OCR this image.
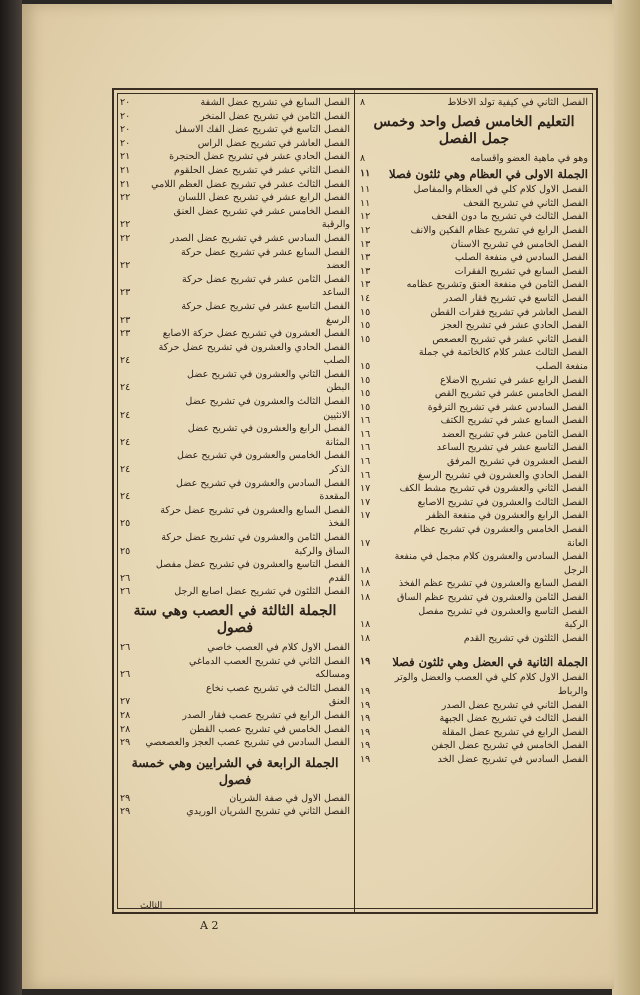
الفصل الثاني في كيفية تولد الاخلاط
٨
التعليم الخامس فصل واحد وخمس جمل الفصل
وهو في ماهية العضو واقسامه
٨
الجملة الاولى في العظام وهي ثلثون فصلا
١١
الفصل الاول كلام كلي في العظام والمفاصل
١١
الفصل الثاني في تشريح القحف
١١
الفصل الثالث في تشريح ما دون القحف
١٢
الفصل الرابع في تشريح عظام الفكين والانف
١٢
الفصل الخامس في تشريح الاسنان
١٣
الفصل السادس في منفعة الصلب
١٣
الفصل السابع في تشريح الفقرات
١٣
الفصل الثامن في منفعة العنق وتشريح عظامه
١٣
الفصل التاسع في تشريح فقار الصدر
١٤
الفصل العاشر في تشريح فقرات القطن
١٥
الفصل الحادي عشر في تشريح العجز
١٥
الفصل الثاني عشر في تشريح العصعص
١٥
الفصل الثالث عشر كلام كالخاتمة في جملة
منفعة الصلب
١٥
الفصل الرابع عشر في تشريح الاضلاع
١٥
الفصل الخامس عشر في تشريح القص
١٥
الفصل السادس عشر في تشريح الترقوة
١٥
الفصل السابع عشر في تشريح الكتف
١٦
الفصل الثامن عشر في تشريح العضد
١٦
الفصل التاسع عشر في تشريح الساعد
١٦
الفصل العشرون في تشريح المرفق
١٦
الفصل الحادي والعشرون في تشريح الرسغ
١٦
الفصل الثاني والعشرون في تشريح مشط الكف
١٧
الفصل الثالث والعشرون في تشريح الاصابع
١٧
الفصل الرابع والعشرون في منفعة الظفر
١٧
الفصل الخامس والعشرون في تشريح عظام
العانة
١٧
الفصل السادس والعشرون كلام مجمل في منفعة
الرجل
١٨
الفصل السابع والعشرون في تشريح عظم الفخذ
١٨
الفصل الثامن والعشرون في تشريح عظم الساق
١٨
الفصل التاسع والعشرون في تشريح مفصل
الركبة
١٨
الفصل الثلثون في تشريح القدم
١٨
الجملة الثانية في العضل وهي ثلثون فصلا
١٩
الفصل الاول كلام كلي في العصب والعضل والوتر
والرباط
١٩
الفصل الثاني في تشريح عضل الصدر
١٩
الفصل الثالث في تشريح عضل الجبهة
١٩
الفصل الرابع في تشريح عضل المقلة
١٩
الفصل الخامس في تشريح عضل الجفن
١٩
الفصل السادس في تشريح عضل الخد
١٩
الفصل السابع في تشريح عضل الشفة
٢٠
الفصل الثامن في تشريح عضل المنخر
٢٠
الفصل التاسع في تشريح عضل الفك الاسفل
٢٠
الفصل العاشر في تشريح عضل الراس
٢٠
الفصل الحادي عشر في تشريح عضل الحنجرة
٢١
الفصل الثاني عشر في تشريح عضل الحلقوم
٢١
الفصل الثالث عشر في تشريح عضل العظم اللامي
٢١
الفصل الرابع عشر في تشريح عضل اللسان
٢٢
الفصل الخامس عشر في تشريح عضل العنق
والرقبة
٢٢
الفصل السادس عشر في تشريح عضل الصدر
٢٢
الفصل السابع عشر في تشريح عضل حركة
العضد
٢٢
الفصل الثامن عشر في تشريح عضل حركة
الساعد
٢٣
الفصل التاسع عشر في تشريح عضل حركة
الرسغ
٢٣
الفصل العشرون في تشريح عضل حركة الاصابع
٢٣
الفصل الحادي والعشرون في تشريح عضل حركة
الصلب
٢٤
الفصل الثاني والعشرون في تشريح عضل
البطن
٢٤
الفصل الثالث والعشرون في تشريح عضل
الانثيين
٢٤
الفصل الرابع والعشرون في تشريح عضل
المثانة
٢٤
الفصل الخامس والعشرون في تشريح عضل
الذكر
٢٤
الفصل السادس والعشرون في تشريح عضل
المقعدة
٢٤
الفصل السابع والعشرون في تشريح عضل حركة
الفخذ
٢٥
الفصل الثامن والعشرون في تشريح عضل حركة
الساق والركبة
٢٥
الفصل التاسع والعشرون في تشريح عضل مفصل
القدم
٢٦
الفصل الثلثون في تشريح عضل اصابع الرجل
٢٦
الجملة الثالثة في العصب وهي ستة فصول
الفصل الاول كلام في العصب خاصي
٢٦
الفصل الثاني في تشريح العصب الدماغي
ومسالكه
٢٦
الفصل الثالث في تشريح عصب نخاع
العنق
٢٧
الفصل الرابع في تشريح عصب فقار الصدر
٢٨
الفصل الخامس في تشريح عصب القطن
٢٨
الفصل السادس في تشريح عصب العجز والعصعصي
٢٩
الجملة الرابعة في الشرايين وهي خمسة فصول
الفصل الاول في صفة الشريان
٢٩
الفصل الثاني في تشريح الشريان الوريدي
٢٩
الثالث
A 2
